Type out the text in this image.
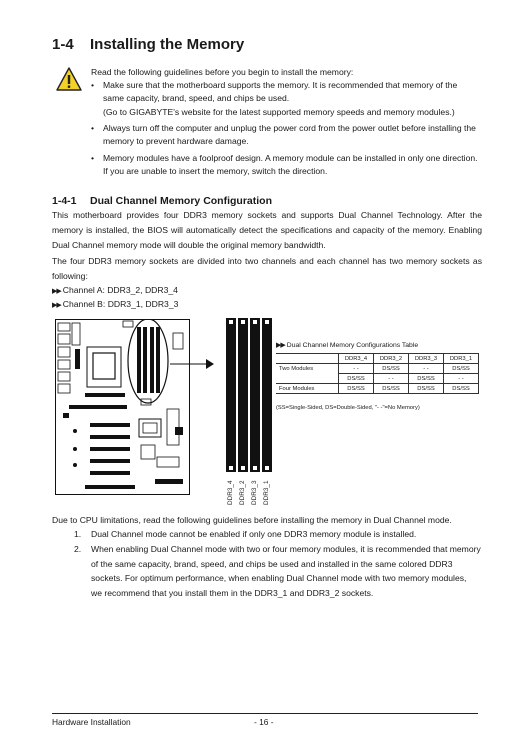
1-4 Installing the Memory
Read the following guidelines before you begin to install the memory:
• Make sure that the motherboard supports the memory. It is recommended that memory of the
same capacity, brand, speed, and chips be used.
(Go to GIGABYTE's website for the latest supported memory speeds and memory modules.)
• Always turn off the computer and unplug the power cord from the power outlet before installing the
memory to prevent hardware damage.
• Memory modules have a foolproof design. A memory module can be installed in only one direction.
If you are unable to insert the memory, switch the direction.
1-4-1 Dual Channel Memory Configuration
This motherboard provides four DDR3 memory sockets and supports Dual Channel Technology. After the memory is installed, the BIOS will automatically detect the specifications and capacity of the memory. Enabling Dual Channel memory mode will double the original memory bandwidth.
The four DDR3 memory sockets are divided into two channels and each channel has two memory sockets as following:
▶▶ Channel A: DDR3_2, DDR3_4
▶▶ Channel B: DDR3_1, DDR3_3
DDR3_4 DDR3_2 DDR3_3 DDR3_1
▶▶ Dual Channel Memory Configurations Table
	DDR3_4	DDR3_2	DDR3_3	DDR3_1
Two Modules	- -	DS/SS	- -	DS/SS
	DS/SS	- -	DS/SS	- -
Four Modules	DS/SS	DS/SS	DS/SS	DS/SS
(SS=Single-Sided, DS=Double-Sided, "- -"=No Memory)
Due to CPU limitations, read the following guidelines before installing the memory in Dual Channel mode.
1. Dual Channel mode cannot be enabled if only one DDR3 memory module is installed.
2. When enabling Dual Channel mode with two or four memory modules, it is recommended that memory
of the same capacity, brand, speed, and chips be used and installed in the same colored DDR3
sockets. For optimum performance, when enabling Dual Channel mode with two memory modules,
we recommend that you install them in the DDR3_1 and DDR3_2 sockets.
Hardware Installation	- 16 -
